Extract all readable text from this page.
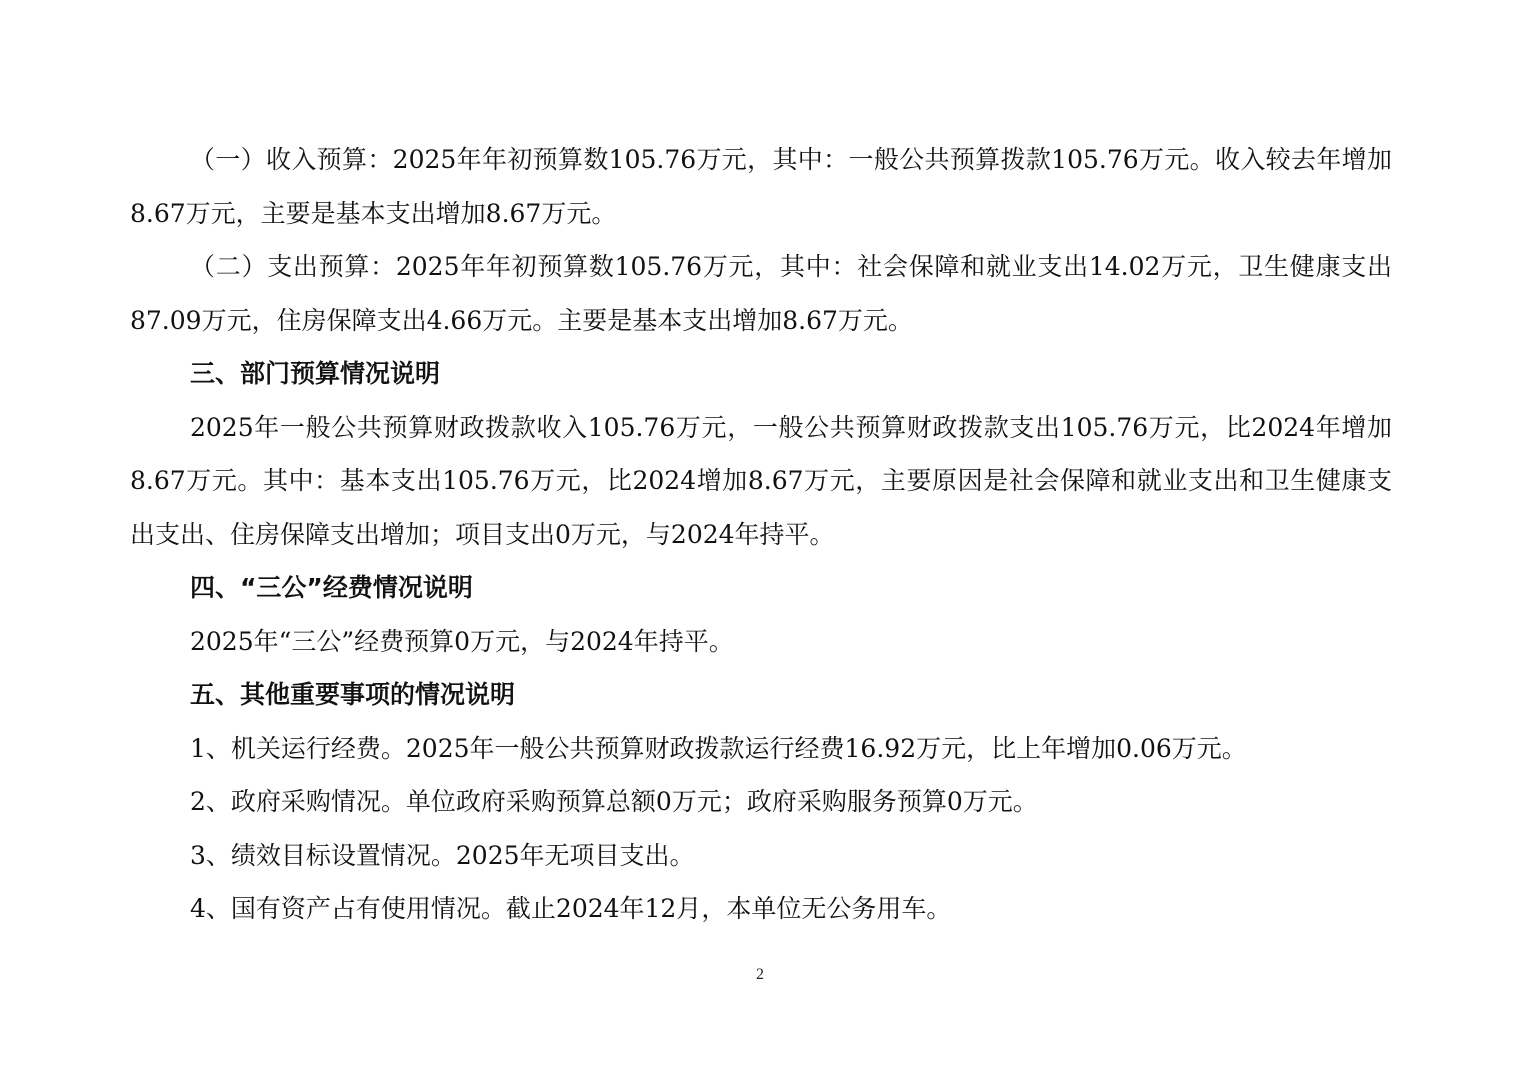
（一）收入预算：2025年年初预算数105.76万元，其中：一般公共预算拨款105.76万元。收入较去年增加8.67万元，主要是基本支出增加8.67万元。

（二）支出预算：2025年年初预算数105.76万元，其中：社会保障和就业支出14.02万元，卫生健康支出87.09万元，住房保障支出4.66万元。主要是基本支出增加8.67万元。

三、部门预算情况说明

2025年一般公共预算财政拨款收入105.76万元，一般公共预算财政拨款支出105.76万元，比2024年增加8.67万元。其中：基本支出105.76万元，比2024增加8.67万元，主要原因是社会保障和就业支出和卫生健康支出支出、住房保障支出增加；项目支出0万元，与2024年持平。

四、“三公”经费情况说明

2025年“三公”经费预算0万元，与2024年持平。

五、其他重要事项的情况说明

1、机关运行经费。2025年一般公共预算财政拨款运行经费16.92万元，比上年增加0.06万元。

2、政府采购情况。单位政府采购预算总额0万元；政府采购服务预算0万元。

3、绩效目标设置情况。2025年无项目支出。

4、国有资产占有使用情况。截止2024年12月，本单位无公务用车。

2
